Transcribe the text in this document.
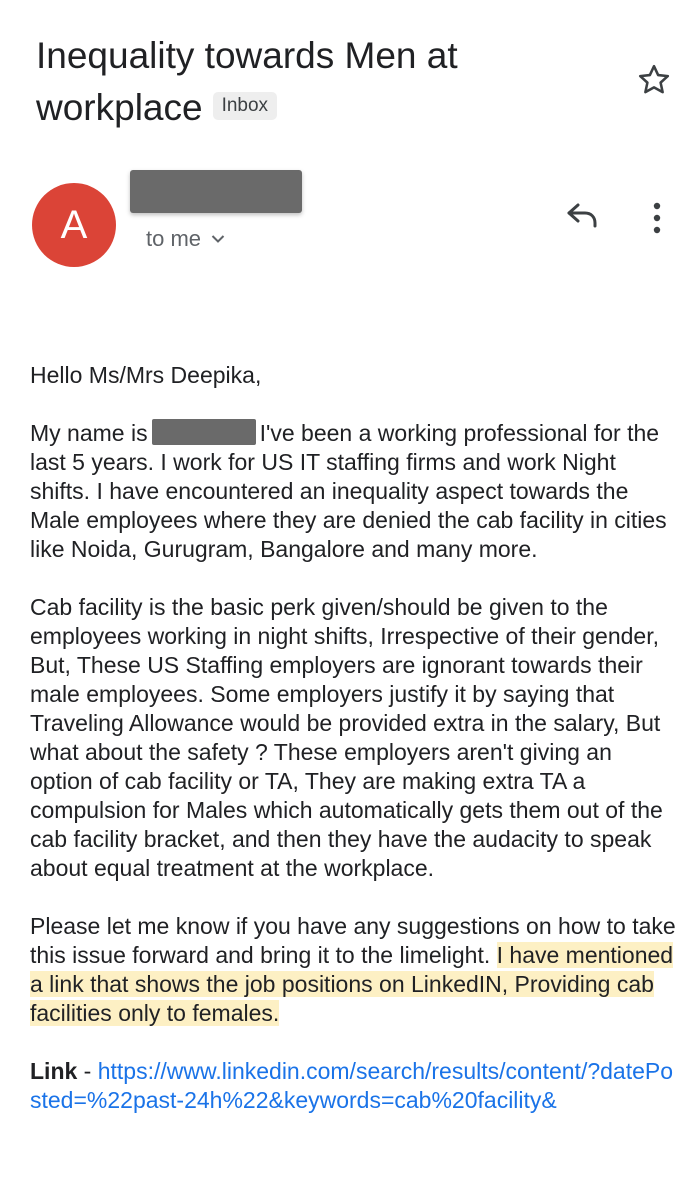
Inequality towards Men at workplace Inbox
A	to me

Hello Ms/Mrs Deepika,

My name is	I've been a working professional for the last 5 years. I work for US IT staffing firms and work Night shifts. I have encountered an inequality aspect towards the Male employees where they are denied the cab facility in cities like Noida, Gurugram, Bangalore and many more.

Cab facility is the basic perk given/should be given to the employees working in night shifts, Irrespective of their gender, But, These US Staffing employers are ignorant towards their male employees. Some employers justify it by saying that Traveling Allowance would be provided extra in the salary, But what about the safety ? These employers aren't giving an option of cab facility or TA, They are making extra TA a compulsion for Males which automatically gets them out of the cab facility bracket, and then they have the audacity to speak about equal treatment at the workplace.

Please let me know if you have any suggestions on how to take this issue forward and bring it to the limelight. I have mentioned a link that shows the job positions on LinkedIN, Providing cab facilities only to females.

Link - https://www.linkedin.com/search/results/content/?datePosted=%22past-24h%22&keywords=cab%20facility&
